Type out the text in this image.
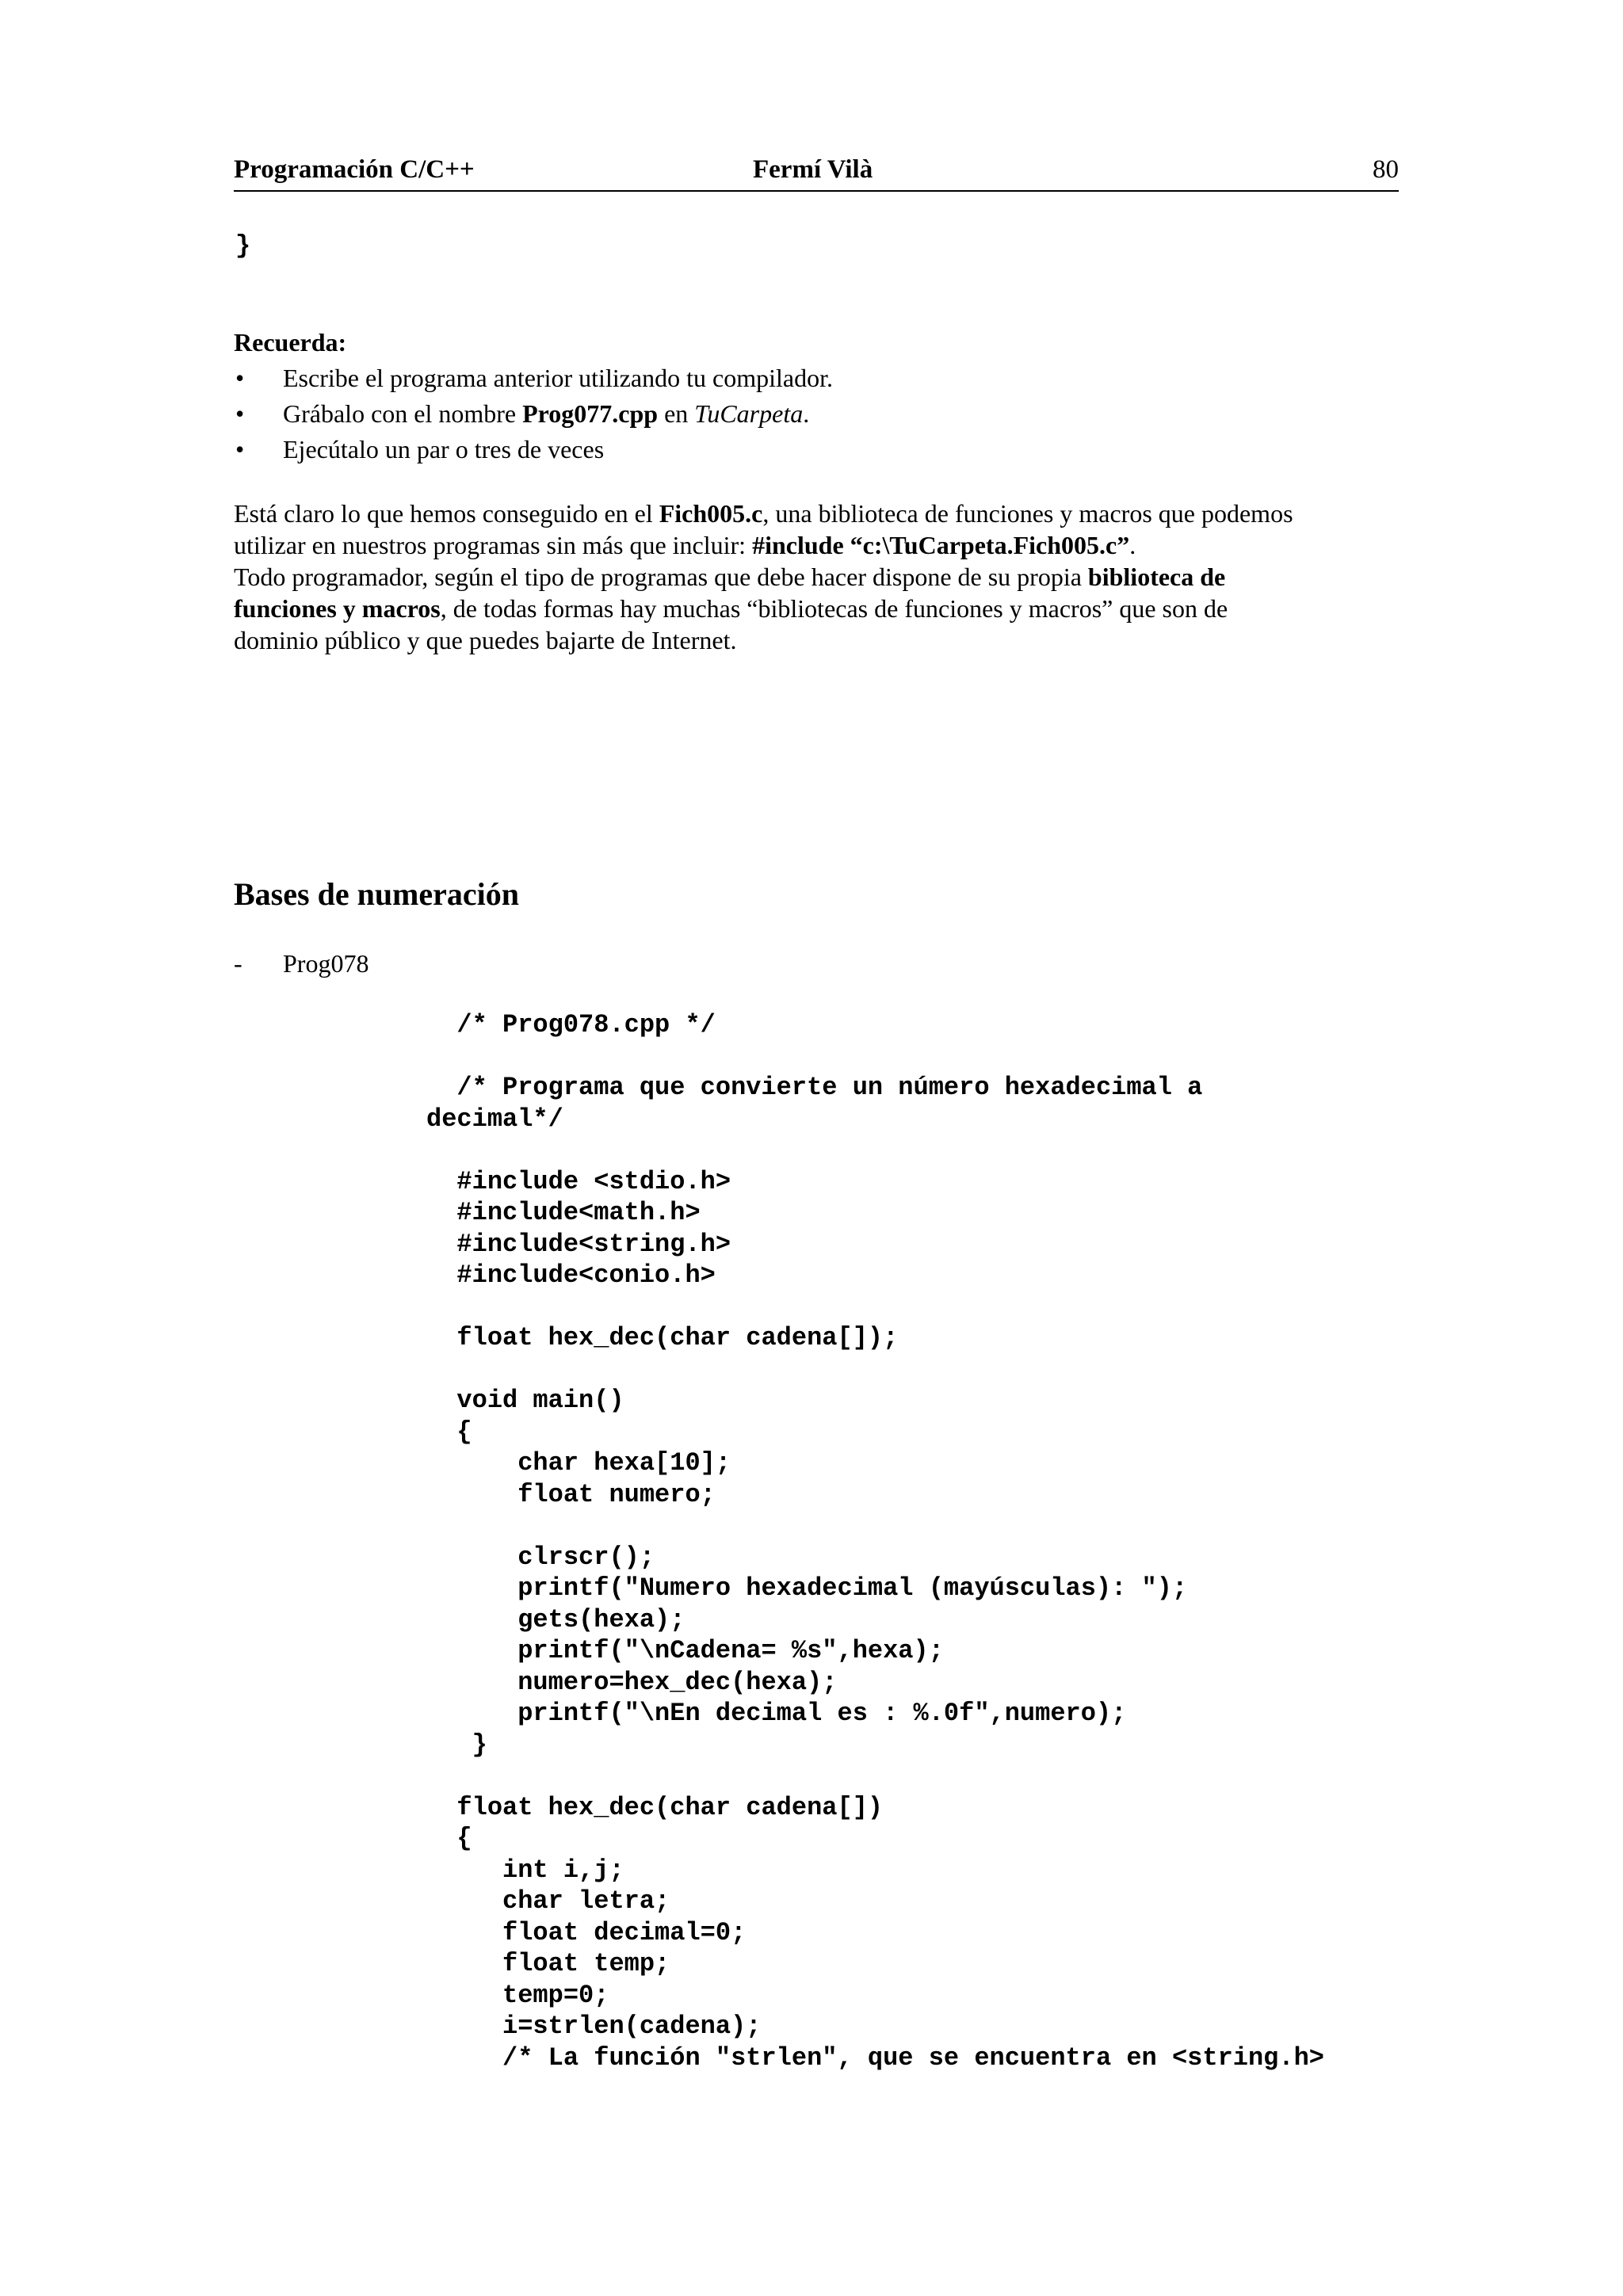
Programación C/C++	Fermí Vilà	80
}
Recuerda:
• Escribe el programa anterior utilizando tu compilador.
• Grábalo con el nombre Prog077.cpp en TuCarpeta.
• Ejecútalo un par o tres de veces
Está claro lo que hemos conseguido en el Fich005.c, una biblioteca de funciones y macros que podemos
utilizar en nuestros programas sin más que incluir: #include “c:\TuCarpeta.Fich005.c”.
Todo programador, según el tipo de programas que debe hacer dispone de su propia biblioteca de
funciones y macros, de todas formas hay muchas “bibliotecas de funciones y macros” que son de
dominio público y que puedes bajarte de Internet.
Bases de numeración
- Prog078
/* Prog078.cpp */

/* Programa que convierte un número hexadecimal a
decimal*/

#include <stdio.h>
#include<math.h>
#include<string.h>
#include<conio.h>

float hex_dec(char cadena[]);

void main()
{
char hexa[10];
float numero;

clrscr();
printf("Numero hexadecimal (mayúsculas): ");
gets(hexa);
printf("\nCadena= %s",hexa);
numero=hex_dec(hexa);
printf("\nEn decimal es : %.0f",numero);
}

float hex_dec(char cadena[])
{
int i,j;
char letra;
float decimal=0;
float temp;
temp=0;
i=strlen(cadena);
/* La función "strlen", que se encuentra en <string.h>
